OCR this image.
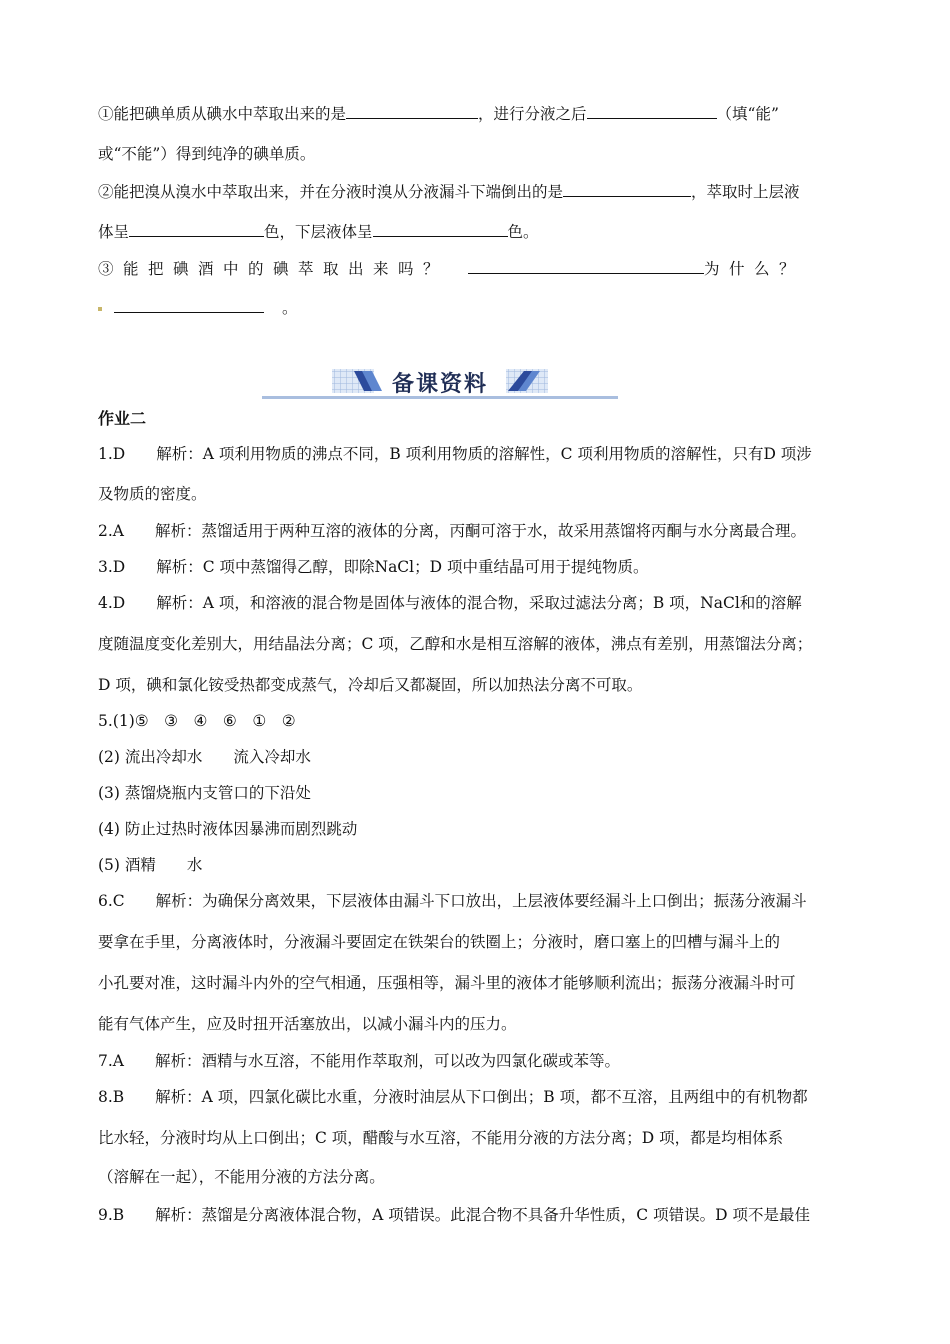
①能把碘单质从碘水中萃取出来的是	，进行分液之后	（填“能”

或“不能”）得到纯净的碘单质。

②能把溴从溴水中萃取出来，并在分液时溴从分液漏斗下端倒出的是	，萃取时上层液

体呈	色，下层液体呈	色。

③能把碘酒中的碘萃取出来吗？	为什么？

。

备课资料

作业二

1.D　　解析：A 项利用物质的沸点不同，B 项利用物质的溶解性，C 项利用物质的溶解性，只有D 项涉

及物质的密度。

2.A　　解析：蒸馏适用于两种互溶的液体的分离，丙酮可溶于水，故采用蒸馏将丙酮与水分离最合理。

3.D　　解析：C 项中蒸馏得乙醇，即除NaCl；D 项中重结晶可用于提纯物质。

4.D　　解析：A 项，和溶液的混合物是固体与液体的混合物，采取过滤法分离；B 项，NaCl和的溶解

度随温度变化差别大，用结晶法分离；C 项，乙醇和水是相互溶解的液体，沸点有差别，用蒸馏法分离；

D 项，碘和氯化铵受热都变成蒸气，冷却后又都凝固，所以加热法分离不可取。

5.(1)⑤　③　④　⑥　①　②

(2) 流出冷却水　　流入冷却水

(3) 蒸馏烧瓶内支管口的下沿处

(4) 防止过热时液体因暴沸而剧烈跳动

(5) 酒精　　水

6.C　　解析：为确保分离效果，下层液体由漏斗下口放出，上层液体要经漏斗上口倒出；振荡分液漏斗

要拿在手里，分离液体时，分液漏斗要固定在铁架台的铁圈上；分液时，磨口塞上的凹槽与漏斗上的

小孔要对准，这时漏斗内外的空气相通，压强相等，漏斗里的液体才能够顺利流出；振荡分液漏斗时可

能有气体产生，应及时扭开活塞放出，以减小漏斗内的压力。

7.A　　解析：酒精与水互溶，不能用作萃取剂，可以改为四氯化碳或苯等。

8.B　　解析：A 项，四氯化碳比水重，分液时油层从下口倒出；B 项，都不互溶，且两组中的有机物都

比水轻，分液时均从上口倒出；C 项，醋酸与水互溶，不能用分液的方法分离；D 项，都是均相体系

（溶解在一起），不能用分液的方法分离。

9.B　　解析：蒸馏是分离液体混合物，A 项错误。此混合物不具备升华性质，C 项错误。D 项不是最佳
